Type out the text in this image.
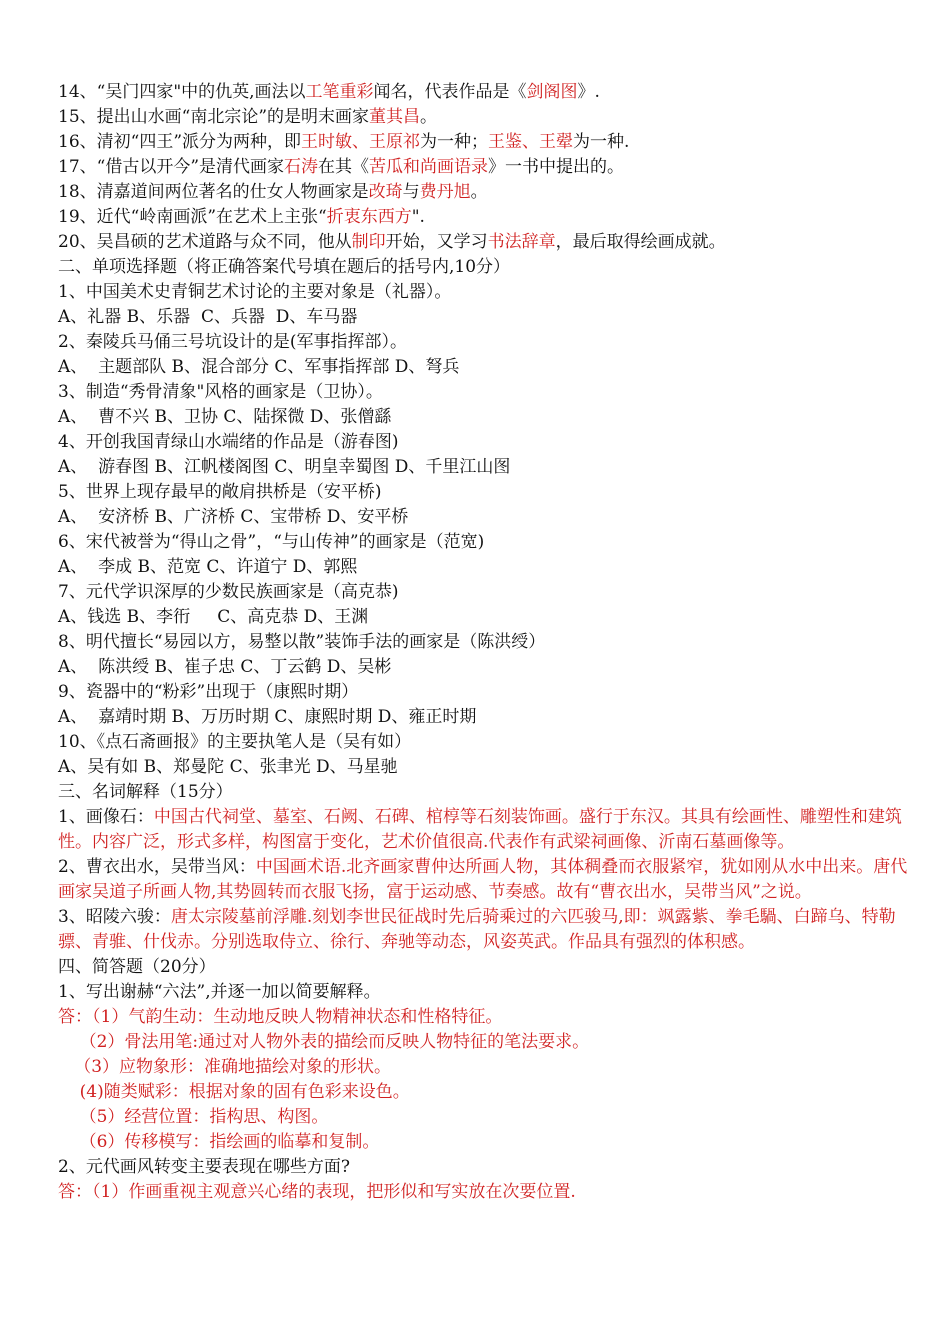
14、“吴门四家"中的仇英,画法以工笔重彩闻名，代表作品是《剑阁图》.

15、提出山水画“南北宗论”的是明末画家董其昌。

16、清初“四王”派分为两种，即王时敏、王原祁为一种；王鉴、王翚为一种.

17、“借古以开今”是清代画家石涛在其《苦瓜和尚画语录》一书中提出的。

18、清嘉道间两位著名的仕女人物画家是改琦与费丹旭。

19、近代“岭南画派”在艺术上主张“折衷东西方".

20、吴昌硕的艺术道路与众不同，他从制印开始，又学习书法辞章，最后取得绘画成就。

二、单项选择题（将正确答案代号填在题后的括号内,10分）

1、中国美术史青铜艺术讨论的主要对象是（礼器）。

A、礼器 B、乐器  C、兵器  D、车马器

2、秦陵兵马俑三号坑设计的是(军事指挥部）。

A、  主题部队 B、混合部分 C、军事指挥部 D、弩兵

3、制造“秀骨清象"风格的画家是（卫协）。

A、  曹不兴 B、卫协 C、陆探微 D、张僧繇

4、开创我国青绿山水端绪的作品是（游春图)

A、  游春图 B、江帆楼阁图 C、明皇幸蜀图 D、千里江山图

5、世界上现存最早的敞肩拱桥是（安平桥)

A、  安济桥 B、广济桥 C、宝带桥 D、安平桥

6、宋代被誉为“得山之骨”，“与山传神”的画家是（范宽)

A、  李成 B、范宽 C、许道宁 D、郭熙

7、元代学识深厚的少数民族画家是（高克恭)

A、钱选 B、李衎     C、高克恭 D、王渊

8、明代擅长“易园以方，易整以散”装饰手法的画家是（陈洪绶）

A、  陈洪绶 B、崔子忠 C、丁云鹤 D、吴彬

9、瓷器中的“粉彩”出现于（康熙时期）

A、  嘉靖时期 B、万历时期 C、康熙时期 D、雍正时期

10、《点石斋画报》的主要执笔人是（吴有如）

A、吴有如 B、郑曼陀 C、张聿光 D、马星驰

三、名词解释（15分）

1、画像石：中国古代祠堂、墓室、石阙、石碑、棺椁等石刻装饰画。盛行于东汉。其具有绘画性、雕塑性和建筑性。内容广泛，形式多样，构图富于变化，艺术价值很高.代表作有武梁祠画像、沂南石墓画像等。

2、曹衣出水，吴带当风：中国画术语.北齐画家曹仲达所画人物，其体稠叠而衣服紧窄，犹如刚从水中出来。唐代画家吴道子所画人物,其势圆转而衣服飞扬，富于运动感、节奏感。故有“曹衣出水，吴带当风”之说。

3、昭陵六骏：唐太宗陵墓前浮雕.刻划李世民征战时先后骑乘过的六匹骏马,即：飒露紫、拳毛騧、白蹄乌、特勒骠、青骓、什伐赤。分别选取侍立、徐行、奔驰等动态，风姿英武。作品具有强烈的体积感。

四、简答题（20分）

1、写出谢赫“六法”,并逐一加以简要解释。

答：（1）气韵生动：生动地反映人物精神状态和性格特征。

（2）骨法用笔:通过对人物外表的描绘而反映人物特征的笔法要求。

（3）应物象形：准确地描绘对象的形状。

(4)随类赋彩：根据对象的固有色彩来设色。

（5）经营位置：指构思、构图。

（6）传移模写：指绘画的临摹和复制。

2、元代画风转变主要表现在哪些方面?

答：（1）作画重视主观意兴心绪的表现，把形似和写实放在次要位置.
